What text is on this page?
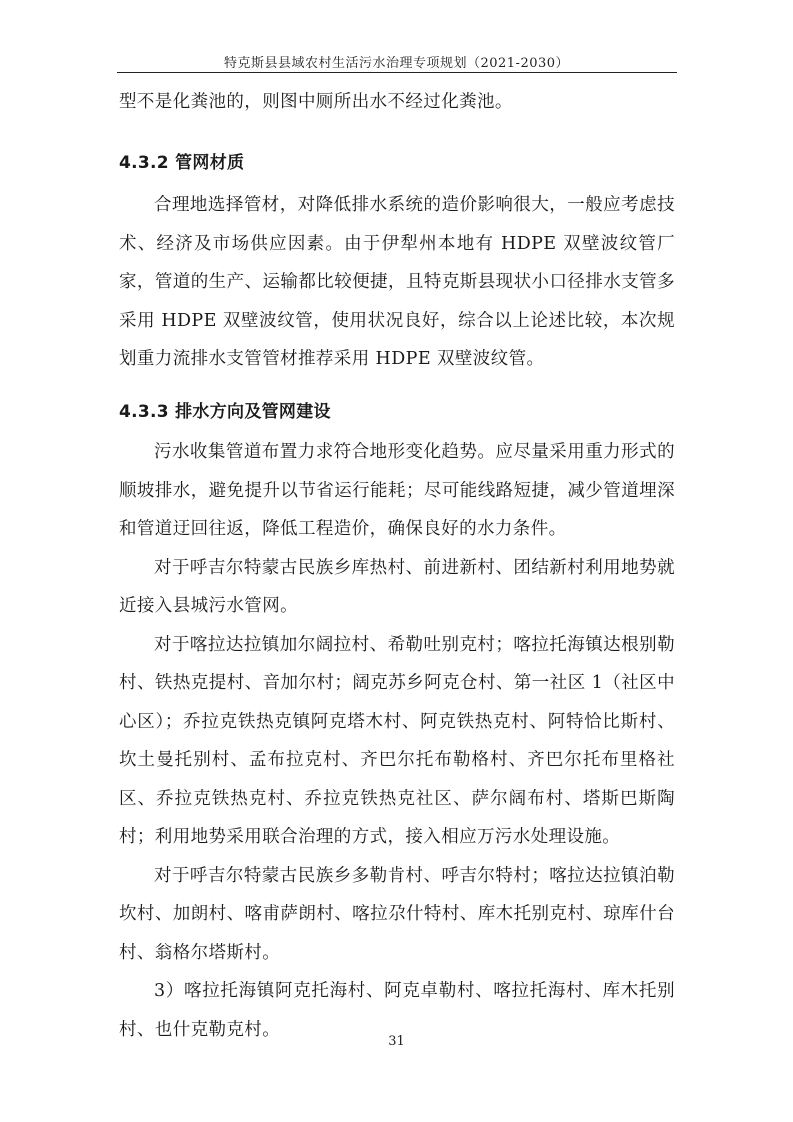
特克斯县县域农村生活污水治理专项规划（2021-2030）

型不是化粪池的，则图中厕所出水不经过化粪池。

4.3.2 管网材质

合理地选择管材，对降低排水系统的造价影响很大，一般应考虑技术、经济及市场供应因素。由于伊犁州本地有 HDPE 双壁波纹管厂家，管道的生产、运输都比较便捷，且特克斯县现状小口径排水支管多采用 HDPE 双壁波纹管，使用状况良好，综合以上论述比较，本次规划重力流排水支管管材推荐采用 HDPE 双壁波纹管。

4.3.3 排水方向及管网建设

污水收集管道布置力求符合地形变化趋势。应尽量采用重力形式的顺坡排水，避免提升以节省运行能耗；尽可能线路短捷，减少管道埋深和管道迂回往返，降低工程造价，确保良好的水力条件。

对于呼吉尔特蒙古民族乡库热村、前进新村、团结新村利用地势就近接入县城污水管网。

对于喀拉达拉镇加尔阔拉村、希勒吐别克村；喀拉托海镇达根别勒村、铁热克提村、音加尔村；阔克苏乡阿克仓村、第一社区 1（社区中心区）；乔拉克铁热克镇阿克塔木村、阿克铁热克村、阿特恰比斯村、坎土曼托别村、孟布拉克村、齐巴尔托布勒格村、齐巴尔托布里格社区、乔拉克铁热克村、乔拉克铁热克社区、萨尔阔布村、塔斯巴斯陶村；利用地势采用联合治理的方式，接入相应万污水处理设施。

对于呼吉尔特蒙古民族乡多勒肯村、呼吉尔特村；喀拉达拉镇泊勒坎村、加朗村、喀甫萨朗村、喀拉尕什特村、库木托别克村、琼库什台村、翁格尔塔斯村。

3）喀拉托海镇阿克托海村、阿克卓勒村、喀拉托海村、库木托别村、也什克勒克村。

31
